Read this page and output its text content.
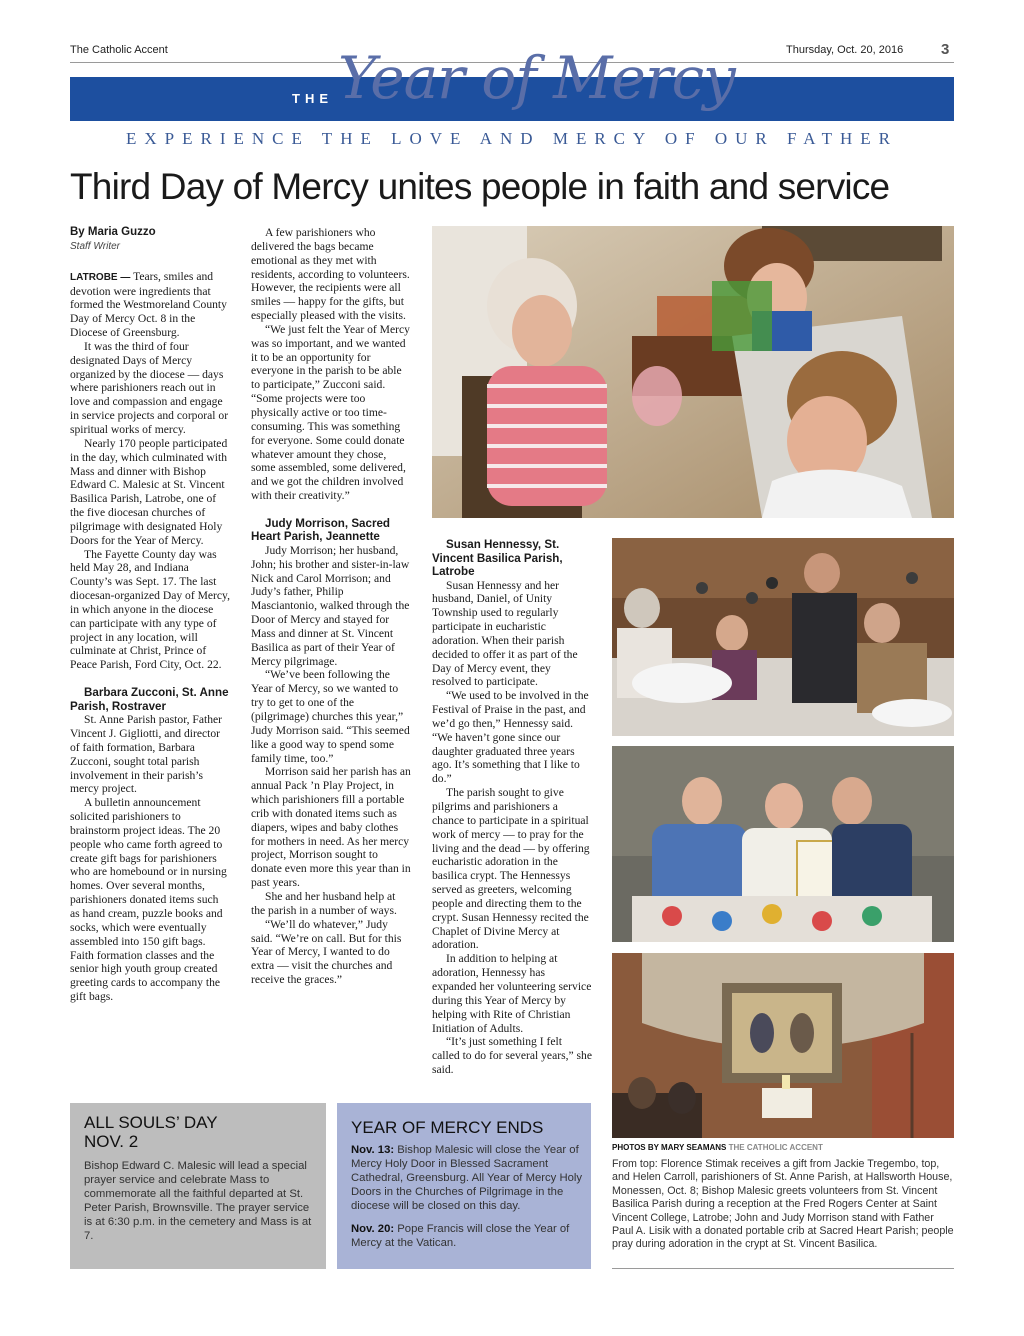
The Catholic Accent	Thursday, Oct. 20, 2016	3
THE Year of Mercy
EXPERIENCE THE LOVE AND MERCY OF OUR FATHER
Third Day of Mercy unites people in faith and service
By Maria Guzzo
Staff Writer

LATROBE — Tears, smiles and devotion were ingredients that formed the Westmoreland County Day of Mercy Oct. 8 in the Diocese of Greensburg.

It was the third of four designated Days of Mercy organized by the diocese — days where parishioners reach out in love and compassion and engage in service projects and corporal or spiritual works of mercy.

Nearly 170 people participated in the day, which culminated with Mass and dinner with Bishop Edward C. Malesic at St. Vincent Basilica Parish, Latrobe, one of the five diocesan churches of pilgrimage with designated Holy Doors for the Year of Mercy.

The Fayette County day was held May 28, and Indiana County’s was Sept. 17. The last diocesan-organized Day of Mercy, in which anyone in the diocese can participate with any type of project in any location, will culminate at Christ, Prince of Peace Parish, Ford City, Oct. 22.

Barbara Zucconi, St. Anne Parish, Rostraver

St. Anne Parish pastor, Father Vincent J. Gigliotti, and director of faith formation, Barbara Zucconi, sought total parish involvement in their parish’s mercy project.

A bulletin announcement solicited parishioners to brainstorm project ideas. The 20 people who came forth agreed to create gift bags for parishioners who are homebound or in nursing homes. Over several months, parishioners donated items such as hand cream, puzzle books and socks, which were eventually assembled into 150 gift bags. Faith formation classes and the senior high youth group created greeting cards to accompany the gift bags.

A few parishioners who delivered the bags became emotional as they met with residents, according to volunteers. However, the recipients were all smiles — happy for the gifts, but especially pleased with the visits.

“We just felt the Year of Mercy was so important, and we wanted it to be an opportunity for everyone in the parish to be able to participate,” Zucconi said. “Some projects were too physically active or too time-consuming. This was something for everyone. Some could donate whatever amount they chose, some assembled, some delivered, and we got the children involved with their creativity.”

Judy Morrison, Sacred Heart Parish, Jeannette

Judy Morrison; her husband, John; his brother and sister-in-law Nick and Carol Morrison; and Judy’s father, Philip Masciantonio, walked through the Door of Mercy and stayed for Mass and dinner at St. Vincent Basilica as part of their Year of Mercy pilgrimage.

“We’ve been following the Year of Mercy, so we wanted to try to get to one of the (pilgrimage) churches this year,” Judy Morrison said. “This seemed like a good way to spend some family time, too.”

Morrison said her parish has an annual Pack ’n Play Project, in which parishioners fill a portable crib with donated items such as diapers, wipes and baby clothes for mothers in need. As her mercy project, Morrison sought to donate even more this year than in past years.

She and her husband help at the parish in a number of ways.

“We’ll do whatever,” Judy said. “We’re on call. But for this Year of Mercy, I wanted to do extra — visit the churches and receive the graces.”

Susan Hennessy, St. Vincent Basilica Parish, Latrobe

Susan Hennessy and her husband, Daniel, of Unity Township used to regularly participate in eucharistic adoration. When their parish decided to offer it as part of the Day of Mercy event, they resolved to participate.

“We used to be involved in the Festival of Praise in the past, and we’d go then,” Hennessy said. “We haven’t gone since our daughter graduated three years ago. It’s something that I like to do.”

The parish sought to give pilgrims and parishioners a chance to participate in a spiritual work of mercy — to pray for the living and the dead — by offering eucharistic adoration in the basilica crypt. The Hennessys served as greeters, welcoming people and directing them to the crypt. Susan Hennessy recited the Chaplet of Divine Mercy at adoration.

In addition to helping at adoration, Hennessy has expanded her volunteering service during this Year of Mercy by helping with Rite of Christian Initiation of Adults.

“It’s just something I felt called to do for several years,” she said.

ALL SOULS’ DAY

NOV. 2

Bishop Edward C. Malesic will lead a special prayer service and celebrate Mass to commemorate all the faithful departed at St. Peter Parish, Brownsville. The prayer service is at 6:30 p.m. in the cemetery and Mass is at 7.

YEAR OF MERCY ENDS

Nov. 13: Bishop Malesic will close the Year of Mercy Holy Door in Blessed Sacrament Cathedral, Greensburg. All Year of Mercy Holy Doors in the Churches of Pilgrimage in the diocese will be closed on this day.

Nov. 20: Pope Francis will close the Year of Mercy at the Vatican.

PHOTOS BY MARY SEAMANS THE CATHOLIC ACCENT
From top: Florence Stimak receives a gift from Jackie Tregembo, top, and Helen Carroll, parishioners of St. Anne Parish, at Hallsworth House, Monessen, Oct. 8; Bishop Malesic greets volunteers from St. Vincent Basilica Parish during a reception at the Fred Rogers Center at Saint Vincent College, Latrobe; John and Judy Morrison stand with Father Paul A. Lisik with a donated portable crib at Sacred Heart Parish; people pray during adoration in the crypt at St. Vincent Basilica.
